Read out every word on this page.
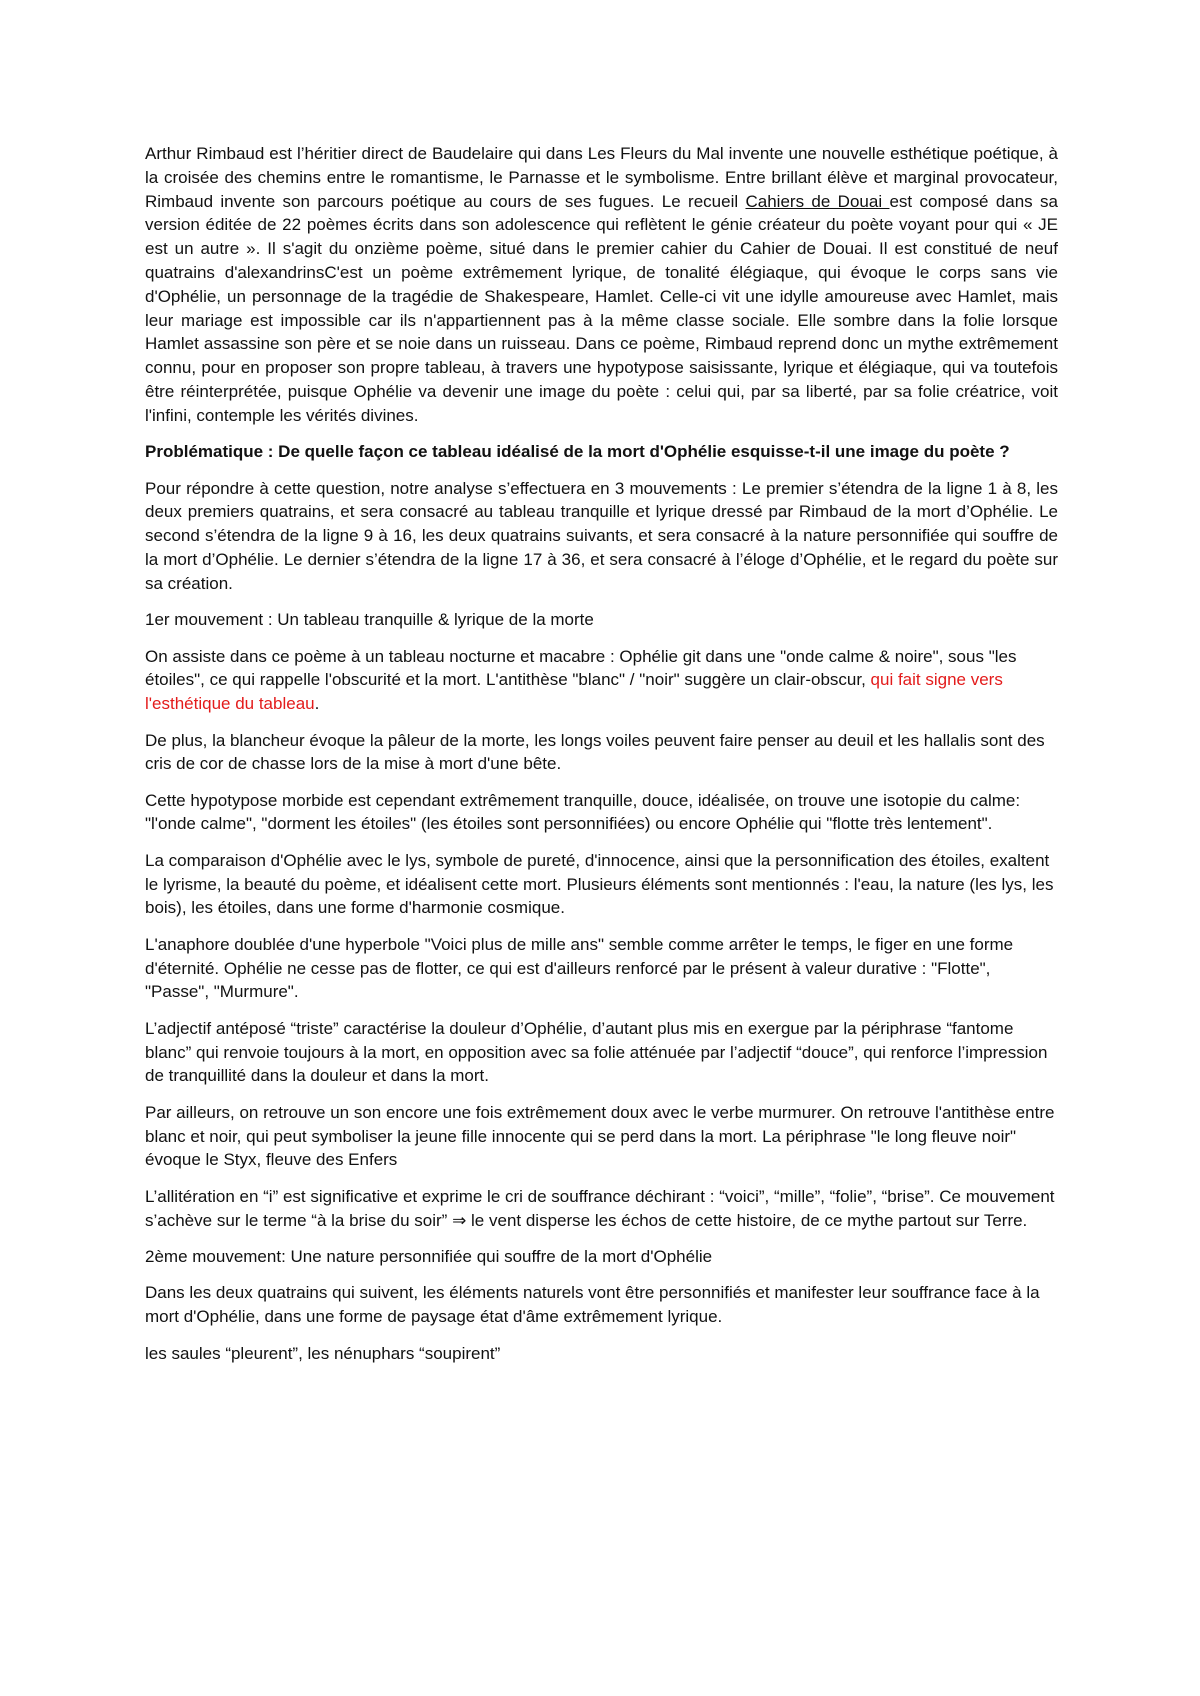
Arthur Rimbaud est l’héritier direct de Baudelaire qui dans Les Fleurs du Mal invente une nouvelle esthétique poétique, à la croisée des chemins entre le romantisme, le Parnasse et le symbolisme. Entre brillant élève et marginal provocateur, Rimbaud invente son parcours poétique au cours de ses fugues. Le recueil Cahiers de Douai est composé dans sa version éditée de 22 poèmes écrits dans son adolescence qui reflètent le génie créateur du poète voyant pour qui « JE est un autre ». Il s'agit du onzième poème, situé dans le premier cahier du Cahier de Douai. Il est constitué de neuf quatrains d'alexandrinsC'est un poème extrêmement lyrique, de tonalité élégiaque, qui évoque le corps sans vie d'Ophélie, un personnage de la tragédie de Shakespeare, Hamlet. Celle-ci vit une idylle amoureuse avec Hamlet, mais leur mariage est impossible car ils n'appartiennent pas à la même classe sociale. Elle sombre dans la folie lorsque Hamlet assassine son père et se noie dans un ruisseau. Dans ce poème, Rimbaud reprend donc un mythe extrêmement connu, pour en proposer son propre tableau, à travers une hypotypose saisissante, lyrique et élégiaque, qui va toutefois être réinterprétée, puisque Ophélie va devenir une image du poète : celui qui, par sa liberté, par sa folie créatrice, voit l'infini, contemple les vérités divines.

Problématique : De quelle façon ce tableau idéalisé de la mort d'Ophélie esquisse-t-il une image du poète ?

Pour répondre à cette question, notre analyse s’effectuera en 3 mouvements : Le premier s’étendra de la ligne 1 à 8, les deux premiers quatrains, et sera consacré au tableau tranquille et lyrique dressé par Rimbaud de la mort d’Ophélie. Le second s’étendra de la ligne 9 à 16, les deux quatrains suivants, et sera consacré à la nature personnifiée qui souffre de la mort d’Ophélie. Le dernier s’étendra de la ligne 17 à 36, et sera consacré à l’éloge d’Ophélie, et le regard du poète sur sa création.

1er mouvement : Un tableau tranquille & lyrique de la morte

On assiste dans ce poème à un tableau nocturne et macabre : Ophélie git dans une "onde calme & noire", sous "les étoiles", ce qui rappelle l'obscurité et la mort. L'antithèse "blanc" / "noir" suggère un clair-obscur, qui fait signe vers l'esthétique du tableau.

De plus, la blancheur évoque la pâleur de la morte, les longs voiles peuvent faire penser au deuil et les hallalis sont des cris de cor de chasse lors de la mise à mort d'une bête.

Cette hypotypose morbide est cependant extrêmement tranquille, douce, idéalisée, on trouve une isotopie du calme: "l'onde calme", "dorment les étoiles" (les étoiles sont personnifiées) ou encore Ophélie qui "flotte très lentement".

La comparaison d'Ophélie avec le lys, symbole de pureté, d'innocence, ainsi que la personnification des étoiles, exaltent le lyrisme, la beauté du poème, et idéalisent cette mort. Plusieurs éléments sont mentionnés : l'eau, la nature (les lys, les bois), les étoiles, dans une forme d'harmonie cosmique.

L'anaphore doublée d'une hyperbole "Voici plus de mille ans" semble comme arrêter le temps, le figer en une forme d'éternité. Ophélie ne cesse pas de flotter, ce qui est d'ailleurs renforcé par le présent à valeur durative : "Flotte", "Passe", "Murmure".

L’adjectif antéposé “triste” caractérise la douleur d’Ophélie, d’autant plus mis en exergue par la périphrase “fantome blanc” qui renvoie toujours à la mort, en opposition avec sa folie atténuée par l’adjectif “douce”, qui renforce l’impression de tranquillité dans la douleur et dans la mort.

Par ailleurs, on retrouve un son encore une fois extrêmement doux avec le verbe murmurer. On retrouve l'antithèse entre blanc et noir, qui peut symboliser la jeune fille innocente qui se perd dans la mort. La périphrase "le long fleuve noir" évoque le Styx, fleuve des Enfers

L’allitération en “i” est significative et exprime le cri de souffrance déchirant : “voici”, “mille”, “folie”, “brise”. Ce mouvement s’achève sur le terme “à la brise du soir” ⇒ le vent disperse les échos de cette histoire, de ce mythe partout sur Terre.

2ème mouvement: Une nature personnifiée qui souffre de la mort d'Ophélie

Dans les deux quatrains qui suivent, les éléments naturels vont être personnifiés et manifester leur souffrance face à la mort d'Ophélie, dans une forme de paysage état d'âme extrêmement lyrique.

les saules “pleurent”, les nénuphars “soupirent”
